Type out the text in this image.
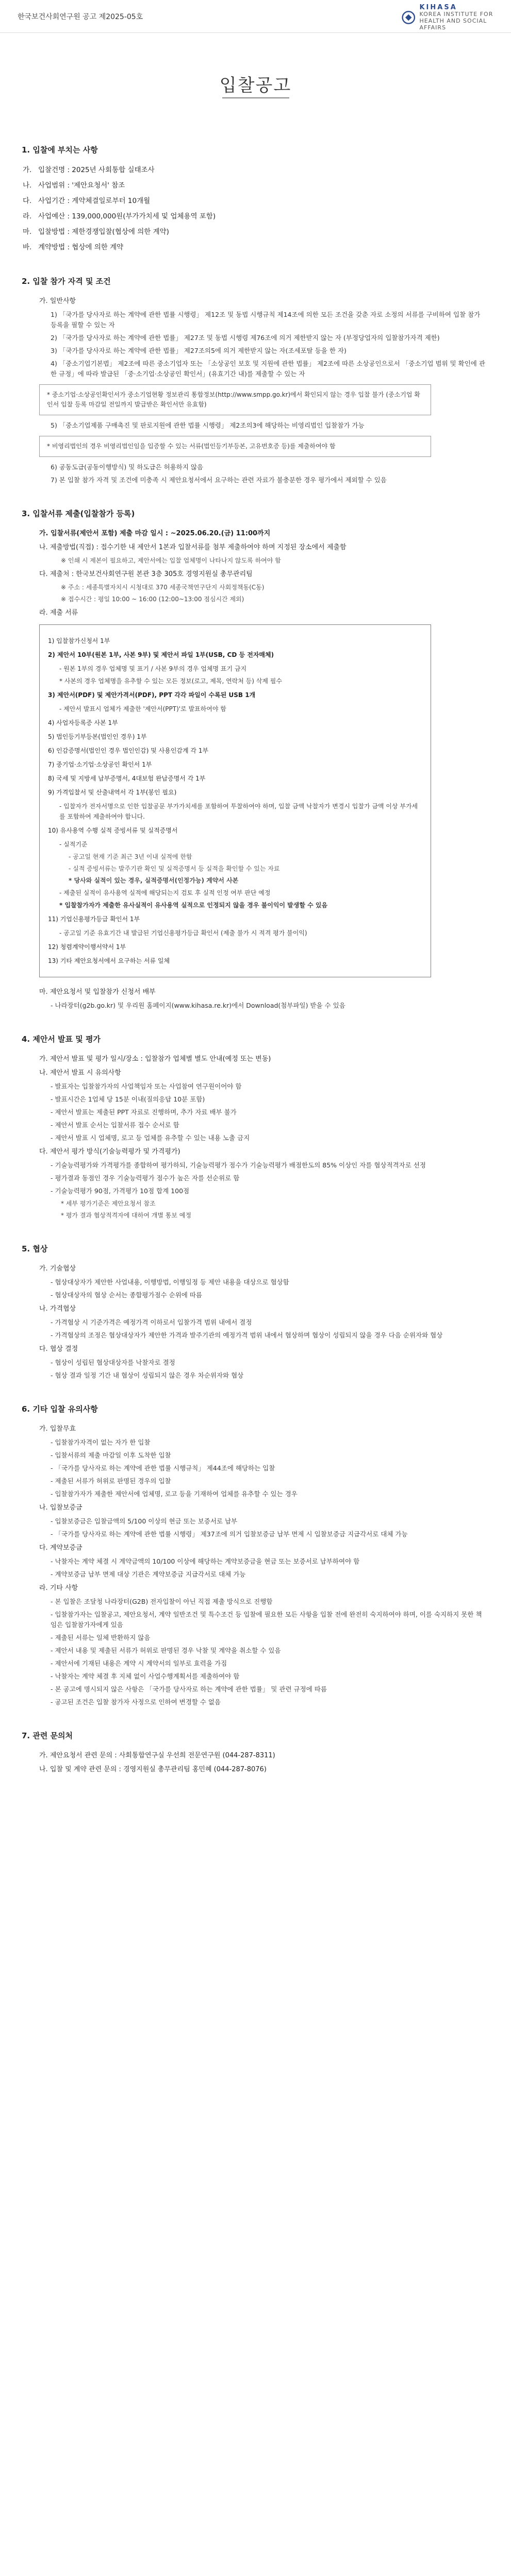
한국보건사회연구원 공고 제2025-05호
KIHASA
KOREA INSTITUTE FOR
HEALTH AND SOCIAL AFFAIRS
입찰공고
1. 입찰에 부치는 사항
가. 입찰건명 : 2025년 사회통합 실태조사
나. 사업범위 : '제안요청서' 참조
다. 사업기간 : 계약체결일로부터 10개월
라. 사업예산 : 139,000,000원(부가가치세 및 업체용역 포함)
마. 입찰방법 : 제한경쟁입찰(협상에 의한 계약)
바. 계약방법 : 협상에 의한 계약
2. 입찰 참가 자격 및 조건
가. 일반사항
1) 「국가를 당사자로 하는 계약에 관한 법률 시행령」 제12조 및 동법 시행규칙 제14조에 의한 모든 조건을 갖춘 자로 소정의 서류를 구비하여 입찰 참가 등록을 필할 수 있는 자
2) 「국가를 당사자로 하는 계약에 관한 법률」 제27조 및 동법 시행령 제76조에 의거 제한받지 않는 자 (부정당업자의 입찰참가자격 제한)
3) 「국가를 당사자로 하는 계약에 관한 법률」 제27조의5에 의거 제한받지 않는 자(조세포탈 등을 한 자)
4) 「중소기업기본법」 제2조에 따른 중소기업자 또는 「소상공인 보호 및 지원에 관한 법률」 제2조에 따른 소상공인으로서 「중소기업 범위 및 확인에 관한 규정」에 따라 발급된 「중·소기업·소상공인 확인서」(유효기간 내)를 제출할 수 있는 자
* 중소기업·소상공인확인서가 중소기업현황 정보관리 통합정보(http://www.smpp.go.kr)에서 확인되지 않는 경우 입찰 불가 (중소기업 확인서 입찰 등록 마감일 전일까지 발급받은 확인서만 유효함)
5) 「중소기업제품 구매촉진 및 판로지원에 관한 법률 시행령」 제2조의3에 해당하는 비영리법인 입찰참가 가능
* 비영리법인의 경우 비영리법인임을 입증할 수 있는 서류(법인등기부등본, 고유번호증 등)를 제출하여야 함
6) 공동도급(공동이행방식) 및 하도급은 허용하지 않음
7) 본 입찰 참가 자격 및 조건에 미충족 시 제안요청서에서 요구하는 관련 자료가 불충분한 경우 평가에서 제외할 수 있음
3. 입찰서류 제출(입찰참가 등록)
가. 입찰서류(제안서 포함) 제출 마감 일시 : ~2025.06.20.(금) 11:00까지
나. 제출방법(직접) : 접수기한 내 제안서 1본과 입찰서류를 첨부 제출하여야 하며 지정된 장소에서 제출함
※ 인쇄 시 제본이 필요하고, 제안서에는 입찰 업체명이 나타나지 않도록 하여야 함
다. 제출처 : 한국보건사회연구원 본관 3층 305호 경영지원실 총무관리팀
※ 주소 : 세종특별자치시 시청대로 370 세종국책연구단지 사회정책동(C동)
※ 접수시간 : 평일 10:00 ~ 16:00 (12:00~13:00 점심시간 제외)
라. 제출 서류
1) 입찰참가신청서 1부
2) 제안서 10부(원본 1부, 사본 9부) 및 제안서 파일 1부(USB, CD 등 전자매체)
- 원본 1부의 경우 업체명 및 표기 / 사본 9부의 경우 업체명 표기 금지
* 사본의 경우 업체명을 유추할 수 있는 모든 정보(로고, 제목, 연락처 등) 삭제 필수
3) 제안서(PDF) 및 제안가격서(PDF), PPT 각각 파일이 수록된 USB 1개
- 제안서 발표시 업체가 제출한 '제안서(PPT)'로 발표하여야 함
4) 사업자등록증 사본 1부
5) 법인등기부등본(법인인 경우) 1부
6) 인감증명서(법인인 경우 법인인감) 및 사용인감계 각 1부
7) 중기업·소기업·소상공인 확인서 1부
8) 국세 및 지방세 납부증명서, 4대보험 완납증명서 각 1부
9) 가격입찰서 및 산출내역서 각 1부(봉인 필요)
- 입찰자가 전자서명으로 인한 입찰공문 부가가치세를 포함하여 투찰하여야 하며, 입찰 금액 낙찰자가 변경시 입찰가 금액 이상 부가세를 포함하여 제출하여야 합니다.
10) 유사용역 수행 실적 증빙서류 및 실적증명서
- 실적기준
- 공고일 현재 기준 최근 3년 이내 실적에 한함
- 실적 증빙서류는 발주기관 확인 및 실적증명서 등 실적을 확인할 수 있는 자료
* 당사와 실적이 있는 경우, 실적증명서(인정가능) 계약서 사본
- 제출된 실적이 유사용역 실적에 해당되는지 검토 후 실적 인정 여부 판단 예정
* 입찰참가자가 제출한 유사실적이 유사용역 실적으로 인정되지 않을 경우 불이익이 발생할 수 있음
11) 기업신용평가등급 확인서 1부
- 공고일 기준 유효기간 내 발급된 기업신용평가등급 확인서 (제출 불가 시 적격 평가 불이익)
12) 청렴계약이행서약서 1부
13) 기타 제안요청서에서 요구하는 서류 일체
마. 제안요청서 및 입찰참가 신청서 배부
- 나라장터(g2b.go.kr) 및 우리원 홈페이지(www.kihasa.re.kr)에서 Download(첨부파일) 받을 수 있음
4. 제안서 발표 및 평가
가. 제안서 발표 및 평가 일시/장소 : 입찰참가 업체별 별도 안내(예정 또는 변동)
나. 제안서 발표 시 유의사항
- 발표자는 입찰참가자의 사업책임자 또는 사업참여 연구원이어야 함
- 발표시간은 1업체 당 15분 이내(질의응답 10분 포함)
- 제안서 발표는 제출된 PPT 자료로 진행하며, 추가 자료 배부 불가
- 제안서 발표 순서는 입찰서류 접수 순서로 함
- 제안서 발표 시 업체명, 로고 등 업체를 유추할 수 있는 내용 노출 금지
다. 제안서 평가 방식(기술능력평가 및 가격평가)
- 기술능력평가와 가격평가를 종합하여 평가하되, 기술능력평가 점수가 기술능력평가 배점한도의 85% 이상인 자를 협상적격자로 선정
- 평가결과 동점인 경우 기술능력평가 점수가 높은 자를 선순위로 함
- 기술능력평가 90점, 가격평가 10점 합계 100점
* 세부 평가기준은 제안요청서 참조
* 평가 결과 협상적격자에 대하여 개별 통보 예정
5. 협상
가. 기술협상
- 협상대상자가 제안한 사업내용, 이행방법, 이행일정 등 제안 내용을 대상으로 협상함
- 협상대상자의 협상 순서는 종합평가점수 순위에 따름
나. 가격협상
- 가격협상 시 기준가격은 예정가격 이하로서 입찰가격 범위 내에서 결정
- 가격협상의 조정은 협상대상자가 제안한 가격과 발주기관의 예정가격 범위 내에서 협상하며 협상이 성립되지 않을 경우 다음 순위자와 협상
다. 협상 결정
- 협상이 성립된 협상대상자를 낙찰자로 결정
- 협상 결과 일정 기간 내 협상이 성립되지 않은 경우 차순위자와 협상
6. 기타 입찰 유의사항
가. 입찰무효
- 입찰참가자격이 없는 자가 한 입찰
- 입찰서류의 제출 마감일 이후 도착한 입찰
- 「국가를 당사자로 하는 계약에 관한 법률 시행규칙」 제44조에 해당하는 입찰
- 제출된 서류가 허위로 판명된 경우의 입찰
- 입찰참가자가 제출한 제안서에 업체명, 로고 등을 기재하여 업체를 유추할 수 있는 경우
나. 입찰보증금
- 입찰보증금은 입찰금액의 5/100 이상의 현금 또는 보증서로 납부
- 「국가를 당사자로 하는 계약에 관한 법률 시행령」 제37조에 의거 입찰보증금 납부 면제 시 입찰보증금 지급각서로 대체 가능
다. 계약보증금
- 낙찰자는 계약 체결 시 계약금액의 10/100 이상에 해당하는 계약보증금을 현금 또는 보증서로 납부하여야 함
- 계약보증금 납부 면제 대상 기관은 계약보증금 지급각서로 대체 가능
라. 기타 사항
- 본 입찰은 조달청 나라장터(G2B) 전자입찰이 아닌 직접 제출 방식으로 진행함
- 입찰참가자는 입찰공고, 제안요청서, 계약 일반조건 및 특수조건 등 입찰에 필요한 모든 사항을 입찰 전에 완전히 숙지하여야 하며, 이를 숙지하지 못한 책임은 입찰참가자에게 있음
- 제출된 서류는 일체 반환하지 않음
- 제안서 내용 및 제출된 서류가 허위로 판명된 경우 낙찰 및 계약을 취소할 수 있음
- 제안서에 기재된 내용은 계약 시 계약서의 일부로 효력을 가짐
- 낙찰자는 계약 체결 후 지체 없이 사업수행계획서를 제출하여야 함
- 본 공고에 명시되지 않은 사항은 「국가를 당사자로 하는 계약에 관한 법률」 및 관련 규정에 따름
- 공고된 조건은 입찰 참가자 사정으로 인하여 변경할 수 없음
7. 관련 문의처
가. 제안요청서 관련 문의 : 사회통합연구실 우선희 전문연구원 (044-287-8311)
나. 입찰 및 계약 관련 문의 : 경영지원실 총무관리팀 홍민혜 (044-287-8076)
